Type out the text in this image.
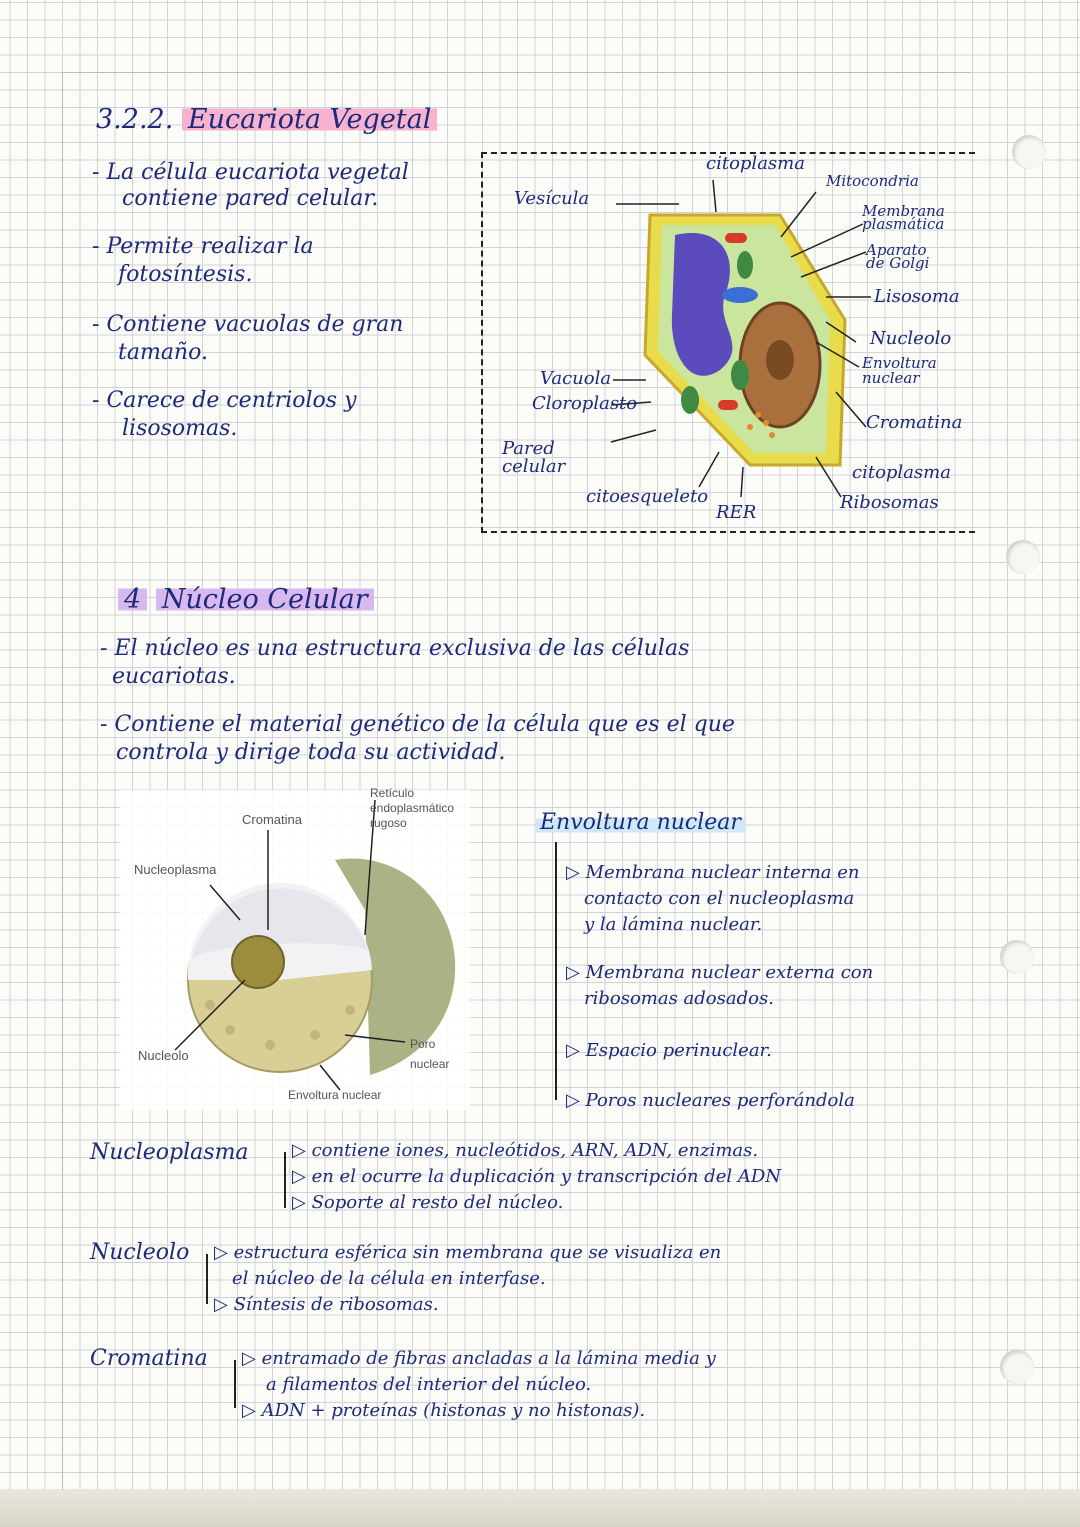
3.2.2. Eucariota Vegetal
- La célula eucariota vegetal
contiene pared celular.
- Permite realizar la
fotosíntesis.
- Contiene vacuolas de gran
tamaño.
- Carece de centriolos y
lisosomas.
Vesícula
citoplasma
Mitocondria
Membrana plasmática
Aparato de Golgi
Lisosoma
Nucleolo
Envoltura nuclear
Cromatina
citoplasma
Ribosomas
RER
citoesqueleto
Pared celular
Cloroplasto
Vacuola
4 Núcleo Celular
- El núcleo es una estructura exclusiva de las células
eucariotas.
- Contiene el material genético de la célula que es el que
controla y dirige toda su actividad.
Cromatina
Retículo
endoplasmático
rugoso
Nucleoplasma
Nucleolo
Poro
nuclear
Envoltura nuclear
Envoltura nuclear
▷ Membrana nuclear interna en
contacto con el nucleoplasma
y la lámina nuclear.
▷ Membrana nuclear externa con
ribosomas adosados.
▷ Espacio perinuclear.
▷ Poros nucleares perforándola
Nucleoplasma ▷ contiene iones, nucleótidos, ARN, ADN, enzimas.
▷ en el ocurre la duplicación y transcripción del ADN
▷ Soporte al resto del núcleo.
Nucleolo ▷ estructura esférica sin membrana que se visualiza en
el núcleo de la célula en interfase.
▷ Síntesis de ribosomas.
Cromatina ▷ entramado de fibras ancladas a la lámina media y
a filamentos del interior del núcleo.
▷ ADN + proteínas (histonas y no histonas).
